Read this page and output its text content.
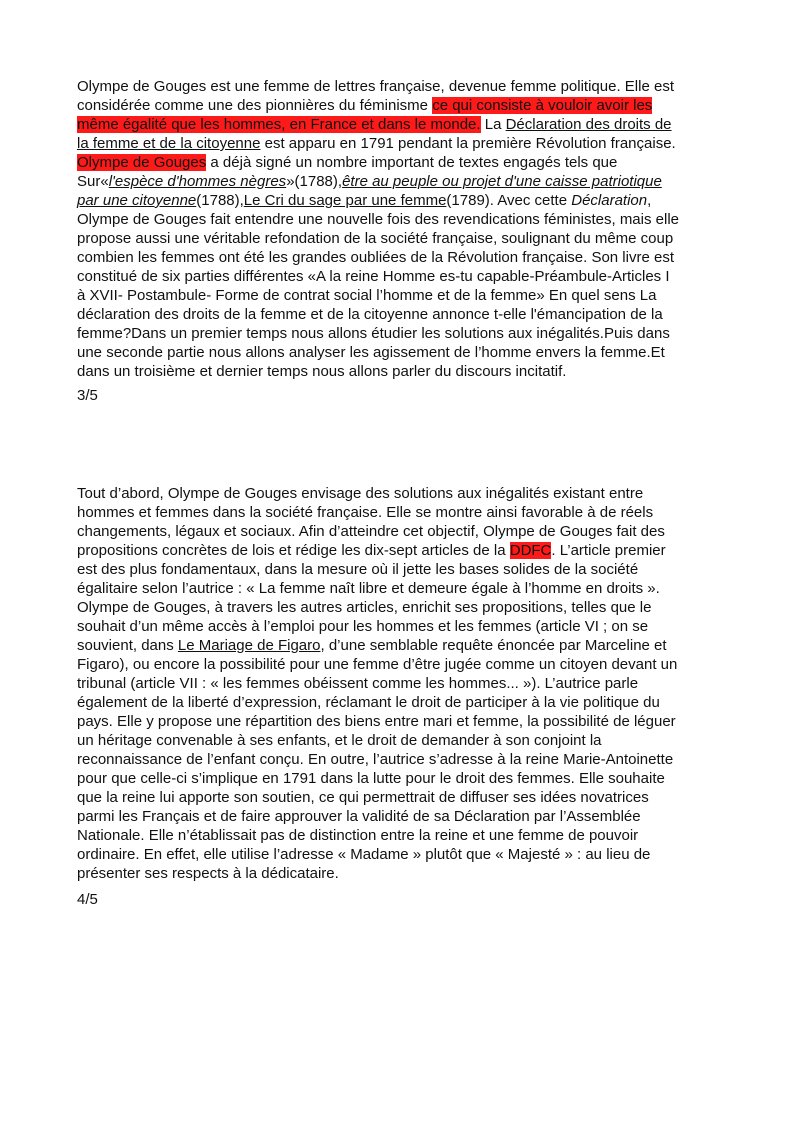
Olympe de Gouges est une femme de lettres française, devenue femme politique. Elle est
considérée comme une des pionnières du féminisme ce qui consiste à vouloir avoir les
même égalité que les hommes, en France et dans le monde. La Déclaration des droits de
la femme et de la citoyenne est apparu en 1791 pendant la première Révolution française.
Olympe de Gouges a déjà signé un nombre important de textes engagés tels que
Sur«l'espèce d'hommes nègres»(1788),être au peuple ou projet d'une caisse patriotique
par une citoyenne(1788),Le Cri du sage par une femme(1789). Avec cette Déclaration,
Olympe de Gouges fait entendre une nouvelle fois des revendications féministes, mais elle
propose aussi une véritable refondation de la société française, soulignant du même coup
combien les femmes ont été les grandes oubliées de la Révolution française. Son livre est
constitué de six parties différentes «A la reine Homme es-tu capable-Préambule-Articles I
à XVII- Postambule- Forme de contrat social l’homme et de la femme» En quel sens La
déclaration des droits de la femme et de la citoyenne annonce t-elle l'émancipation de la
femme?Dans un premier temps nous allons étudier les solutions aux inégalités.Puis dans
une seconde partie nous allons analyser les agissement de l’homme envers la femme.Et
dans un troisième et dernier temps nous allons parler du discours incitatif.

3/5

Tout d’abord, Olympe de Gouges envisage des solutions aux inégalités existant entre
hommes et femmes dans la société française. Elle se montre ainsi favorable à de réels
changements, légaux et sociaux. Afin d’atteindre cet objectif, Olympe de Gouges fait des
propositions concrètes de lois et rédige les dix-sept articles de la DDFC. L’article premier
est des plus fondamentaux, dans la mesure où il jette les bases solides de la société
égalitaire selon l’autrice : « La femme naît libre et demeure égale à l’homme en droits ».
Olympe de Gouges, à travers les autres articles, enrichit ses propositions, telles que le
souhait d’un même accès à l’emploi pour les hommes et les femmes (article VI ; on se
souvient, dans Le Mariage de Figaro, d’une semblable requête énoncée par Marceline et
Figaro), ou encore la possibilité pour une femme d’être jugée comme un citoyen devant un
tribunal (article VII : « les femmes obéissent comme les hommes... »). L’autrice parle
également de la liberté d’expression, réclamant le droit de participer à la vie politique du
pays. Elle y propose une répartition des biens entre mari et femme, la possibilité de léguer
un héritage convenable à ses enfants, et le droit de demander à son conjoint la
reconnaissance de l’enfant conçu. En outre, l’autrice s’adresse à la reine Marie-Antoinette
pour que celle-ci s’implique en 1791 dans la lutte pour le droit des femmes. Elle souhaite
que la reine lui apporte son soutien, ce qui permettrait de diffuser ses idées novatrices
parmi les Français et de faire approuver la validité de sa Déclaration par l’Assemblée
Nationale. Elle n’établissait pas de distinction entre la reine et une femme de pouvoir
ordinaire. En effet, elle utilise l’adresse « Madame » plutôt que « Majesté » : au lieu de
présenter ses respects à la dédicataire.

4/5
